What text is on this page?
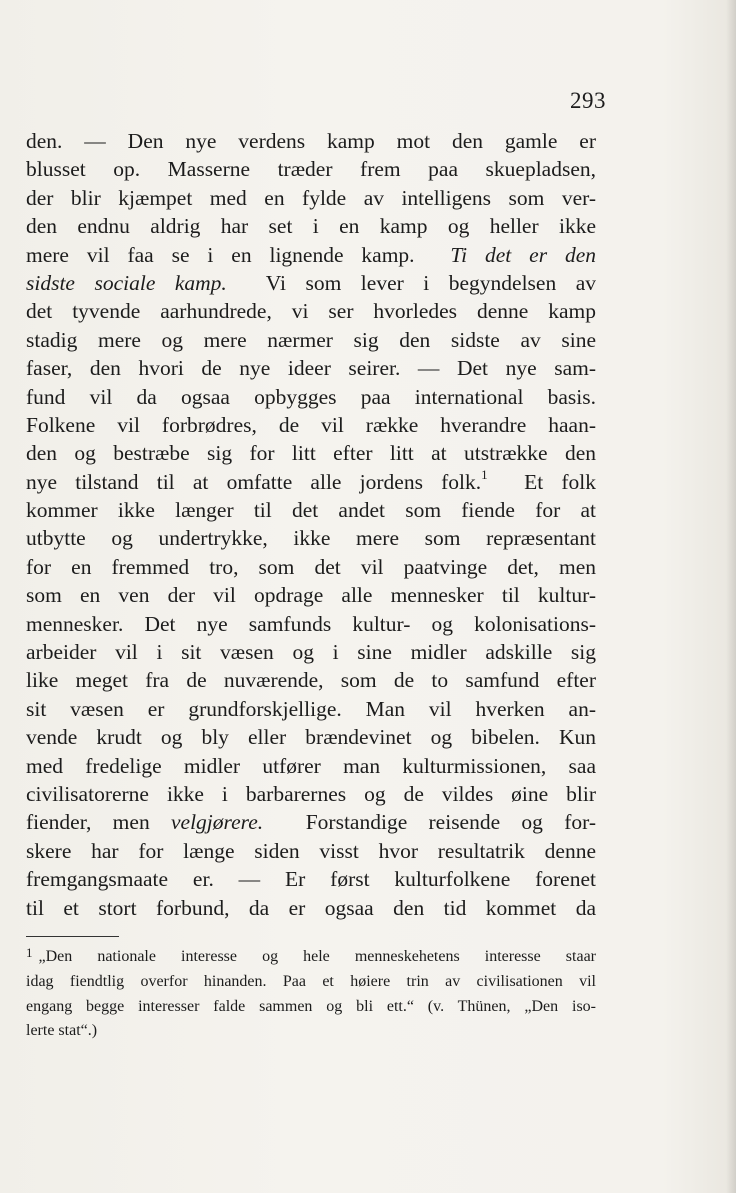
293
den. — Den nye verdens kamp mot den gamle er
blusset op. Masserne træder frem paa skuepladsen,
der blir kjæmpet med en fylde av intelligens som ver-
den endnu aldrig har set i en kamp og heller ikke
mere vil faa se i en lignende kamp. Ti det er den
sidste sociale kamp. Vi som lever i begyndelsen av
det tyvende aarhundrede, vi ser hvorledes denne kamp
stadig mere og mere nærmer sig den sidste av sine
faser, den hvori de nye ideer seirer. — Det nye sam-
fund vil da ogsaa opbygges paa international basis.
Folkene vil forbrødres, de vil række hverandre haan-
den og bestræbe sig for litt efter litt at utstrække den
nye tilstand til at omfatte alle jordens folk.$^1$ Et folk
kommer ikke længer til det andet som fiende for at
utbytte og undertrykke, ikke mere som repræsentant
for en fremmed tro, som det vil paatvinge det, men
som en ven der vil opdrage alle mennesker til kultur-
mennesker. Det nye samfunds kultur- og kolonisations-
arbeider vil i sit væsen og i sine midler adskille sig
like meget fra de nuværende, som de to samfund efter
sit væsen er grundforskjellige. Man vil hverken an-
vende krudt og bly eller brændevinet og bibelen. Kun
med fredelige midler utfører man kulturmissionen, saa
civilisatorerne ikke i barbarernes og de vildes øine blir
fiender, men velgjørere. Forstandige reisende og for-
skere har for længe siden visst hvor resultatrik denne
fremgangsmaate er. — Er først kulturfolkene forenet
til et stort forbund, da er ogsaa den tid kommet da
$^1$ „Den nationale interesse og hele menneskehetens interesse staar
idag fiendtlig overfor hinanden. Paa et høiere trin av civilisationen vil
engang begge interesser falde sammen og bli ett.“ (v. Thünen, „Den iso-
lerte stat“.)
